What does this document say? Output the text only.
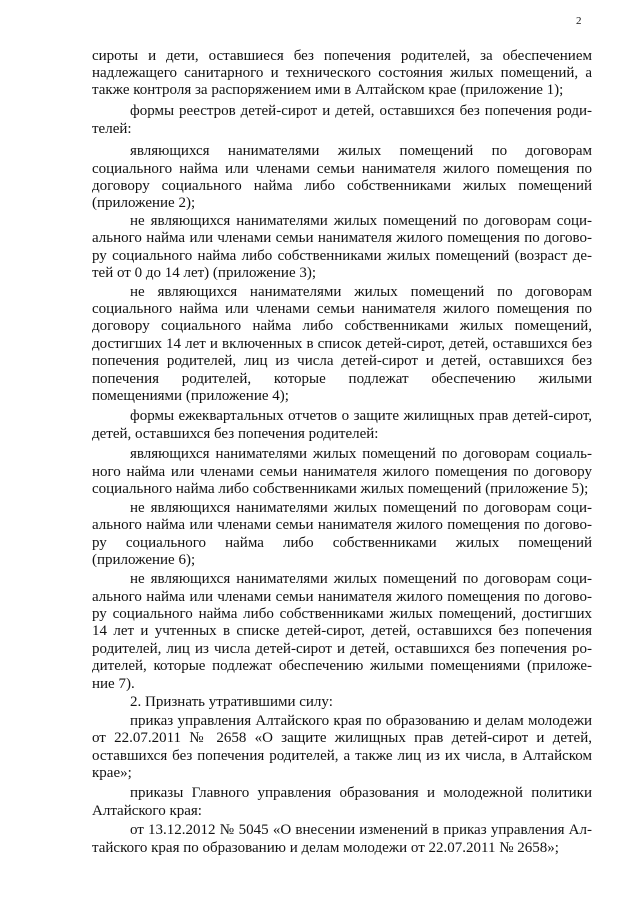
2
сироты и дети, оставшиеся без попечения родителей, за обеспечением
надлежащего санитарного и технического состояния жилых помещений, а
также контроля за распоряжением ими в Алтайском крае (приложение 1);
формы реестров детей-сирот и детей, оставшихся без попечения роди-
телей:
являющихся нанимателями жилых помещений по договорам
социального найма или членами семьи нанимателя жилого помещения по
договору социального найма либо собственниками жилых помещений
(приложение 2);
не являющихся нанимателями жилых помещений по договорам соци-
ального найма или членами семьи нанимателя жилого помещения по догово-
ру социального найма либо собственниками жилых помещений (возраст де-
тей от 0 до 14 лет) (приложение 3);
не являющихся нанимателями жилых помещений по договорам
социального найма или членами семьи нанимателя жилого помещения по
договору социального найма либо собственниками жилых помещений,
достигших 14 лет и включенных в список детей-сирот, детей, оставшихся без
попечения родителей, лиц из числа детей-сирот и детей, оставшихся без
попечения родителей, которые подлежат обеспечению жилыми
помещениями (приложение 4);
формы ежеквартальных отчетов о защите жилищных прав детей-сирот,
детей, оставшихся без попечения родителей:
являющихся нанимателями жилых помещений по договорам социаль-
ного найма или членами семьи нанимателя жилого помещения по договору
социального найма либо собственниками жилых помещений (приложение 5);
не являющихся нанимателями жилых помещений по договорам соци-
ального найма или членами семьи нанимателя жилого помещения по догово-
ру социального найма либо собственниками жилых помещений
(приложение 6);
не являющихся нанимателями жилых помещений по договорам соци-
ального найма или членами семьи нанимателя жилого помещения по догово-
ру социального найма либо собственниками жилых помещений, достигших
14 лет и учтенных в списке детей-сирот, детей, оставшихся без попечения
родителей, лиц из числа детей-сирот и детей, оставшихся без попечения ро-
дителей, которые подлежат обеспечению жилыми помещениями (приложе-
ние 7).
2. Признать утратившими силу:
приказ управления Алтайского края по образованию и делам молодежи
от 22.07.2011 № 2658 «О защите жилищных прав детей-сирот и детей,
оставшихся без попечения родителей, а также лиц из их числа, в Алтайском
крае»;
приказы Главного управления образования и молодежной политики
Алтайского края:
от 13.12.2012 № 5045 «О внесении изменений в приказ управления Ал-
тайского края по образованию и делам молодежи от 22.07.2011 № 2658»;
